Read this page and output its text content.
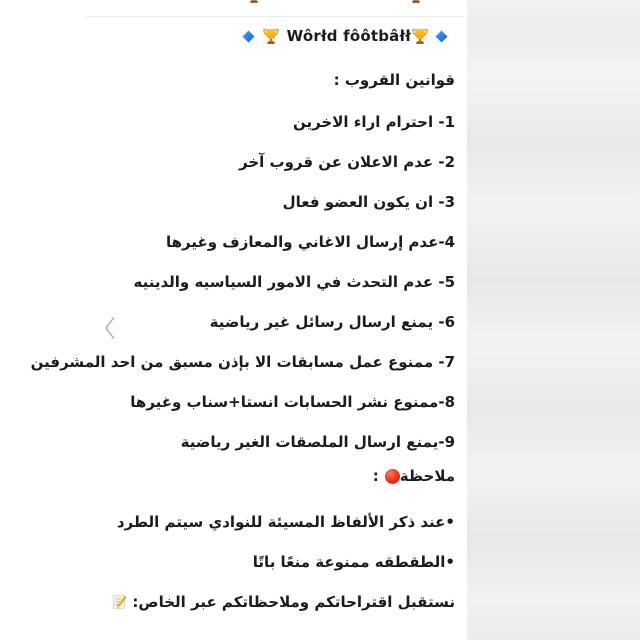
Wôrłd fôôtbâłł
قوانين القروب :
1- احترام اراء الاخرين
2- عدم الاعلان عن قروب آخر
3- ان يكون العضو فعال
4-عدم إرسال الاغاني والمعازف وغيرها
5- عدم التحدث في الامور السياسيه والدينيه
6- يمنع ارسال رسائل غير رياضية
7- ممنوع عمل مسابقات الا بإذن مسبق من احد المشرفين
8-ممنوع نشر الحسابات انستا+سناب وغيرها
9-يمنع ارسال الملصقات الغير رياضية
ملاحظة:
•عند ذكر الألفاظ المسيئة للنوادي سيتم الطرد
•الطقطقه ممنوعة منعًا باتًا
نستقبل اقتراحاتكم وملاحظاتكم عبر الخاص:
